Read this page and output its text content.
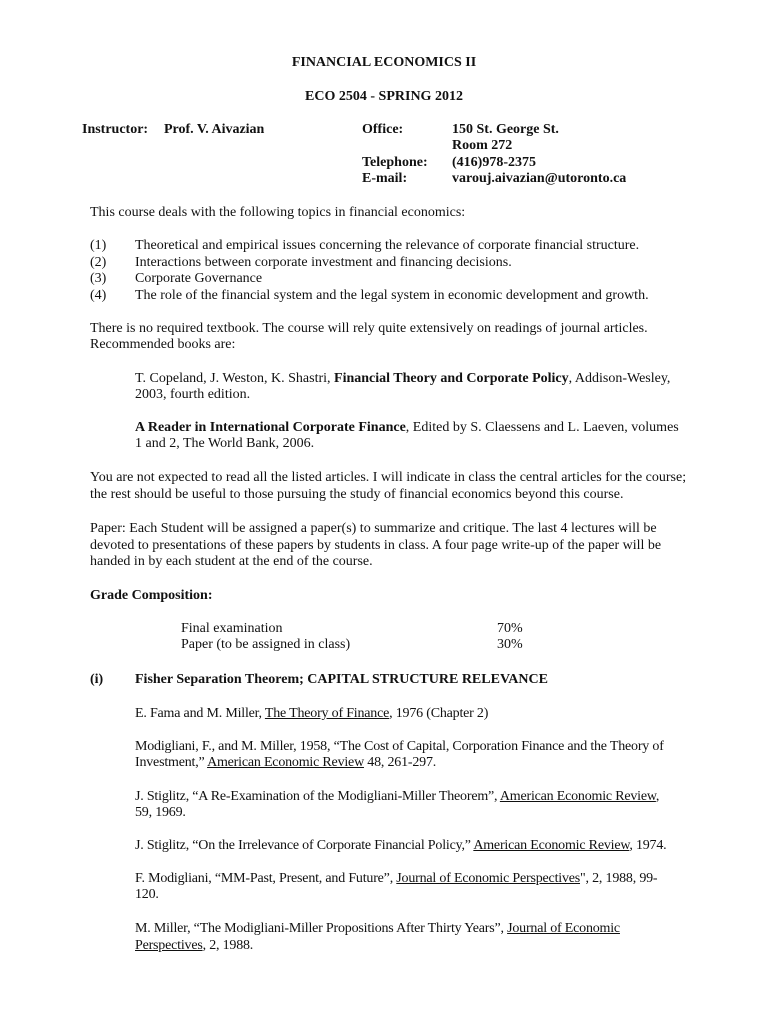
FINANCIAL ECONOMICS II
ECO 2504 - SPRING 2012
Instructor: Prof. V. Aivazian	Office:	150 St. George St.
Room 272
Telephone: (416)978-2375
E-mail:	varouj.aivazian@utoronto.ca
This course deals with the following topics in financial economics:
(1) Theoretical and empirical issues concerning the relevance of corporate financial structure.
(2) Interactions between corporate investment and financing decisions.
(3) Corporate Governance
(4) The role of the financial system and the legal system in economic development and growth.
There is no required textbook. The course will rely quite extensively on readings of journal articles.
Recommended books are:
T. Copeland, J. Weston, K. Shastri, Financial Theory and Corporate Policy, Addison-Wesley,
2003, fourth edition.
A Reader in International Corporate Finance, Edited by S. Claessens and L. Laeven, volumes
1 and 2, The World Bank, 2006.
You are not expected to read all the listed articles. I will indicate in class the central articles for the course;
the rest should be useful to those pursuing the study of financial economics beyond this course.
Paper: Each Student will be assigned a paper(s) to summarize and critique. The last 4 lectures will be
devoted to presentations of these papers by students in class. A four page write-up of the paper will be
handed in by each student at the end of the course.
Grade Composition:
Final examination	70%
Paper (to be assigned in class)	30%
(i) Fisher Separation Theorem; CAPITAL STRUCTURE RELEVANCE
E. Fama and M. Miller, The Theory of Finance, 1976 (Chapter 2)
Modigliani, F., and M. Miller, 1958, “The Cost of Capital, Corporation Finance and the Theory of
Investment,” American Economic Review 48, 261-297.
J. Stiglitz, “A Re-Examination of the Modigliani-Miller Theorem”, American Economic Review,
59, 1969.
J. Stiglitz, “On the Irrelevance of Corporate Financial Policy,” American Economic Review, 1974.
F. Modigliani, “MM-Past, Present, and Future”, Journal of Economic Perspectives", 2, 1988, 99-
120.
M. Miller, “The Modigliani-Miller Propositions After Thirty Years”, Journal of Economic
Perspectives, 2, 1988.
